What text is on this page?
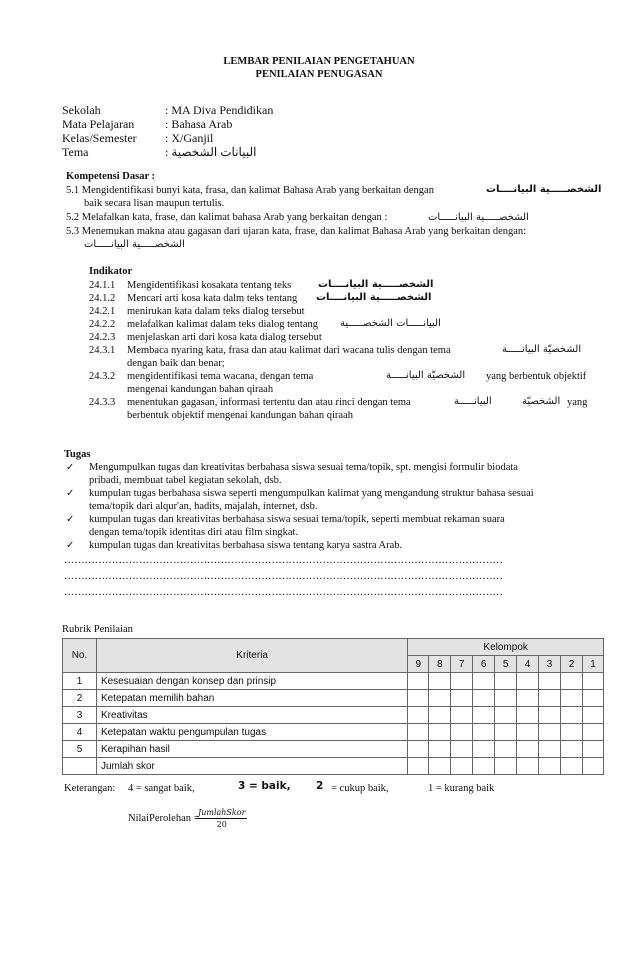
LEMBAR PENILAIAN PENGETAHUAN
PENILAIAN PENUGASAN
Sekolah	: MA Diva Pendidikan
Mata Pelajaran	: Bahasa Arab
Kelas/Semester : X/Ganjil
Tema	: البيانات الشخصية
Kompetensi Dasar :
5.1 Mengidentifikasi bunyi kata, frasa, dan kalimat Bahasa Arab yang berkaitan dengan	الشخصـــــية البيانــــات
baik secara lisan maupun tertulis.
5.2 Melafalkan kata, frase, dan kalimat bahasa Arab yang berkaitan dengan :	الشخصـــــية البيانـــــات
5.3 Menemukan makna atau gagasan dari ujaran kata, frase, dan kalimat Bahasa Arab yang berkaitan dengan:
الشخصـــــية البيانـــــات
Indikator
24.1.1 Mengidentifikasi kosakata tentang teks	الشخصـــــية البيانــــات
24.1.2 Mencari arti kosa kata dalm teks tentang الشخصـــــية البيانــــات
24.2.1 menirukan kata dalam teks dialog tersebut
24.2.2 melafalkan kalimat dalam teks dialog tentang البيانـــــات الشخصـــــية
24.2.3 menjelaskan arti dari kosa kata dialog tersebut
24.3.1 Membaca nyaring kata, frasa dan atau kalimat dari wacana tulis dengan tema	الشخصيّة البيانـــــة
dengan baik dan benar;
24.3.2 mengidentifikasi tema wacana, dengan tema	الشخصيّة البيانـــــة yang berbentuk objektif
mengenai kandungan bahan qiraah
24.3.3 menentukan gagasan, informasi tertentu dan atau rinci dengan tema	البيانـــــة	الشخصيّة yang
berbentuk objektif mengenai kandungan bahan qiraah
Tugas
✓ Mengumpulkan tugas dan kreativitas berbahasa siswa sesuai tema/topik, spt. mengisi formulir biodata
pribadi, membuat tabel kegiatan sekolah, dsb.
✓ kumpulan tugas berbahasa siswa seperti mengumpulkan kalimat yang mengandung struktur bahasa sesuai
tema/topik dari alqur'an, hadits, majalah, internet, dsb.
✓ kumpulan tugas dan kreativitas berbahasa siswa sesuai tema/topik, seperti membuat rekaman suara
dengan tema/topik identitas diri atau film singkat.
✓ kumpulan tugas dan kreativitas berbahasa siswa tentang karya sastra Arab.
…………………………………………………………………………………………………………………
…………………………………………………………………………………………………………………
…………………………………………………………………………………………………………………
Rubrik Penilaian
No.	Kriteria	Kelompok								
		9	8	7	6	5	4	3	2	1
1	Kesesuaian dengan konsep dan prinsip									
2	Ketepatan memilih bahan									
3	Kreativitas									
4	Ketepatan waktu pengumpulan tugas									
5	Kerapihan hasil									
	Jumlah skor									
Keterangan: 4 = sangat baik,	3 = baik, 2 = cukup baik,	1 = kurang baik
NilaiPerolehan =
JumlahSkor
20
